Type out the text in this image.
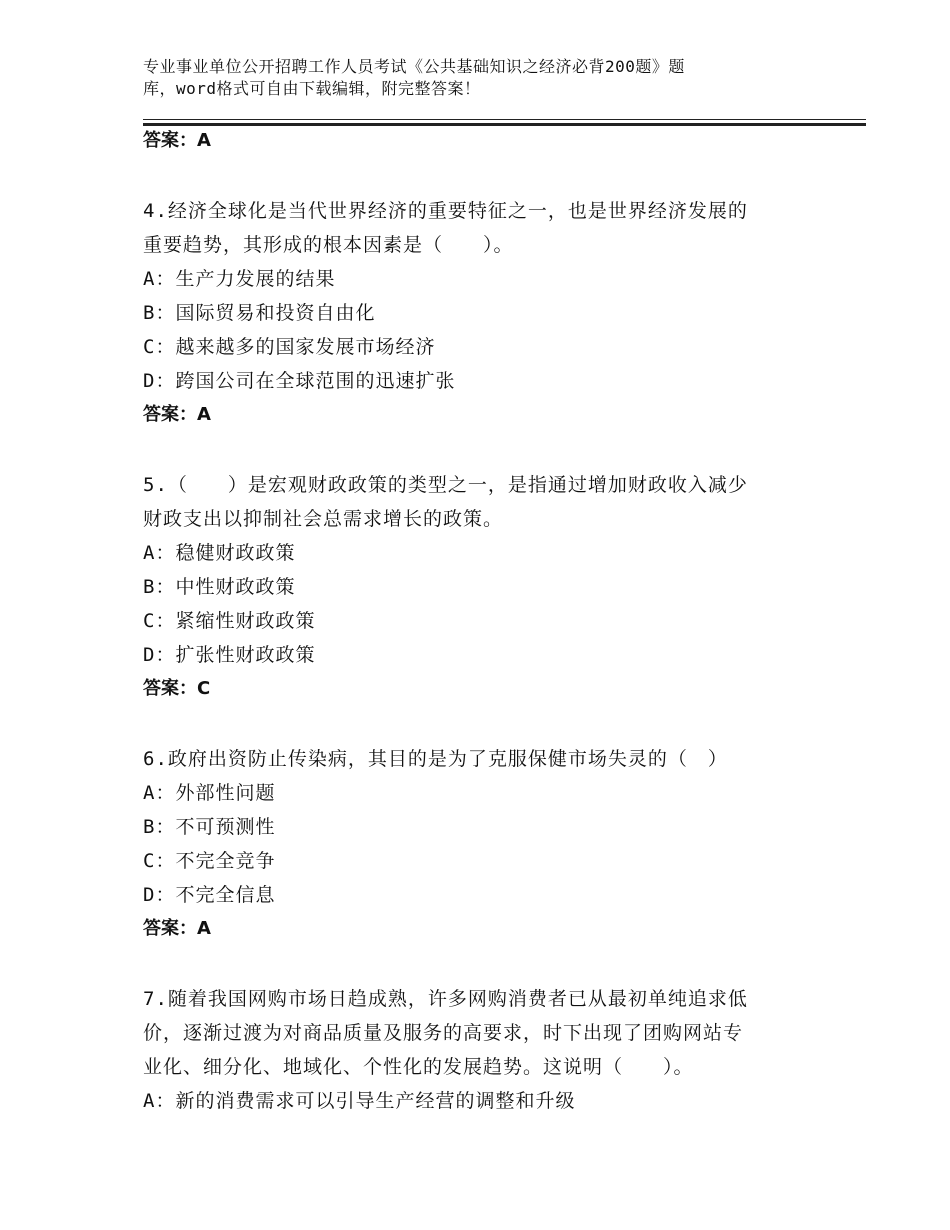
专业事业单位公开招聘工作人员考试《公共基础知识之经济必背200题》题
库，word格式可自由下载编辑，附完整答案！
答案：A
4.经济全球化是当代世界经济的重要特征之一，也是世界经济发展的
重要趋势，其形成的根本因素是（　　）。
A：生产力发展的结果
B：国际贸易和投资自由化
C：越来越多的国家发展市场经济
D：跨国公司在全球范围的迅速扩张
答案：A
5.（　　）是宏观财政政策的类型之一，是指通过增加财政收入减少
财政支出以抑制社会总需求增长的政策。
A：稳健财政政策
B：中性财政政策
C：紧缩性财政政策
D：扩张性财政政策
答案：C
6.政府出资防止传染病，其目的是为了克服保健市场失灵的（　）
A：外部性问题
B：不可预测性
C：不完全竞争
D：不完全信息
答案：A
7.随着我国网购市场日趋成熟，许多网购消费者已从最初单纯追求低
价，逐渐过渡为对商品质量及服务的高要求，时下出现了团购网站专
业化、细分化、地域化、个性化的发展趋势。这说明（　　）。
A：新的消费需求可以引导生产经营的调整和升级
